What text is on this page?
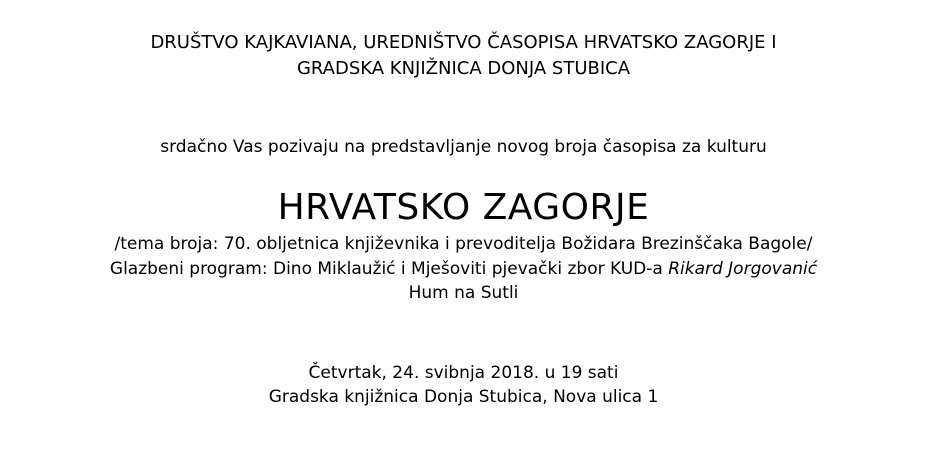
DRUŠTVO KAJKAVIANA, UREDNIŠTVO ČASOPISA HRVATSKO ZAGORJE I
GRADSKA KNJIŽNICA DONJA STUBICA
srdačno Vas pozivaju na predstavljanje novog broja časopisa za kulturu
HRVATSKO ZAGORJE
/tema broja: 70. obljetnica književnika i prevoditelja Božidara Brezinščaka Bagole/
Glazbeni program: Dino Miklaužić i Mješoviti pjevački zbor KUD-a Rikard Jorgovanić
Hum na Sutli
Četvrtak, 24. svibnja 2018. u 19 sati
Gradska knjižnica Donja Stubica, Nova ulica 1
